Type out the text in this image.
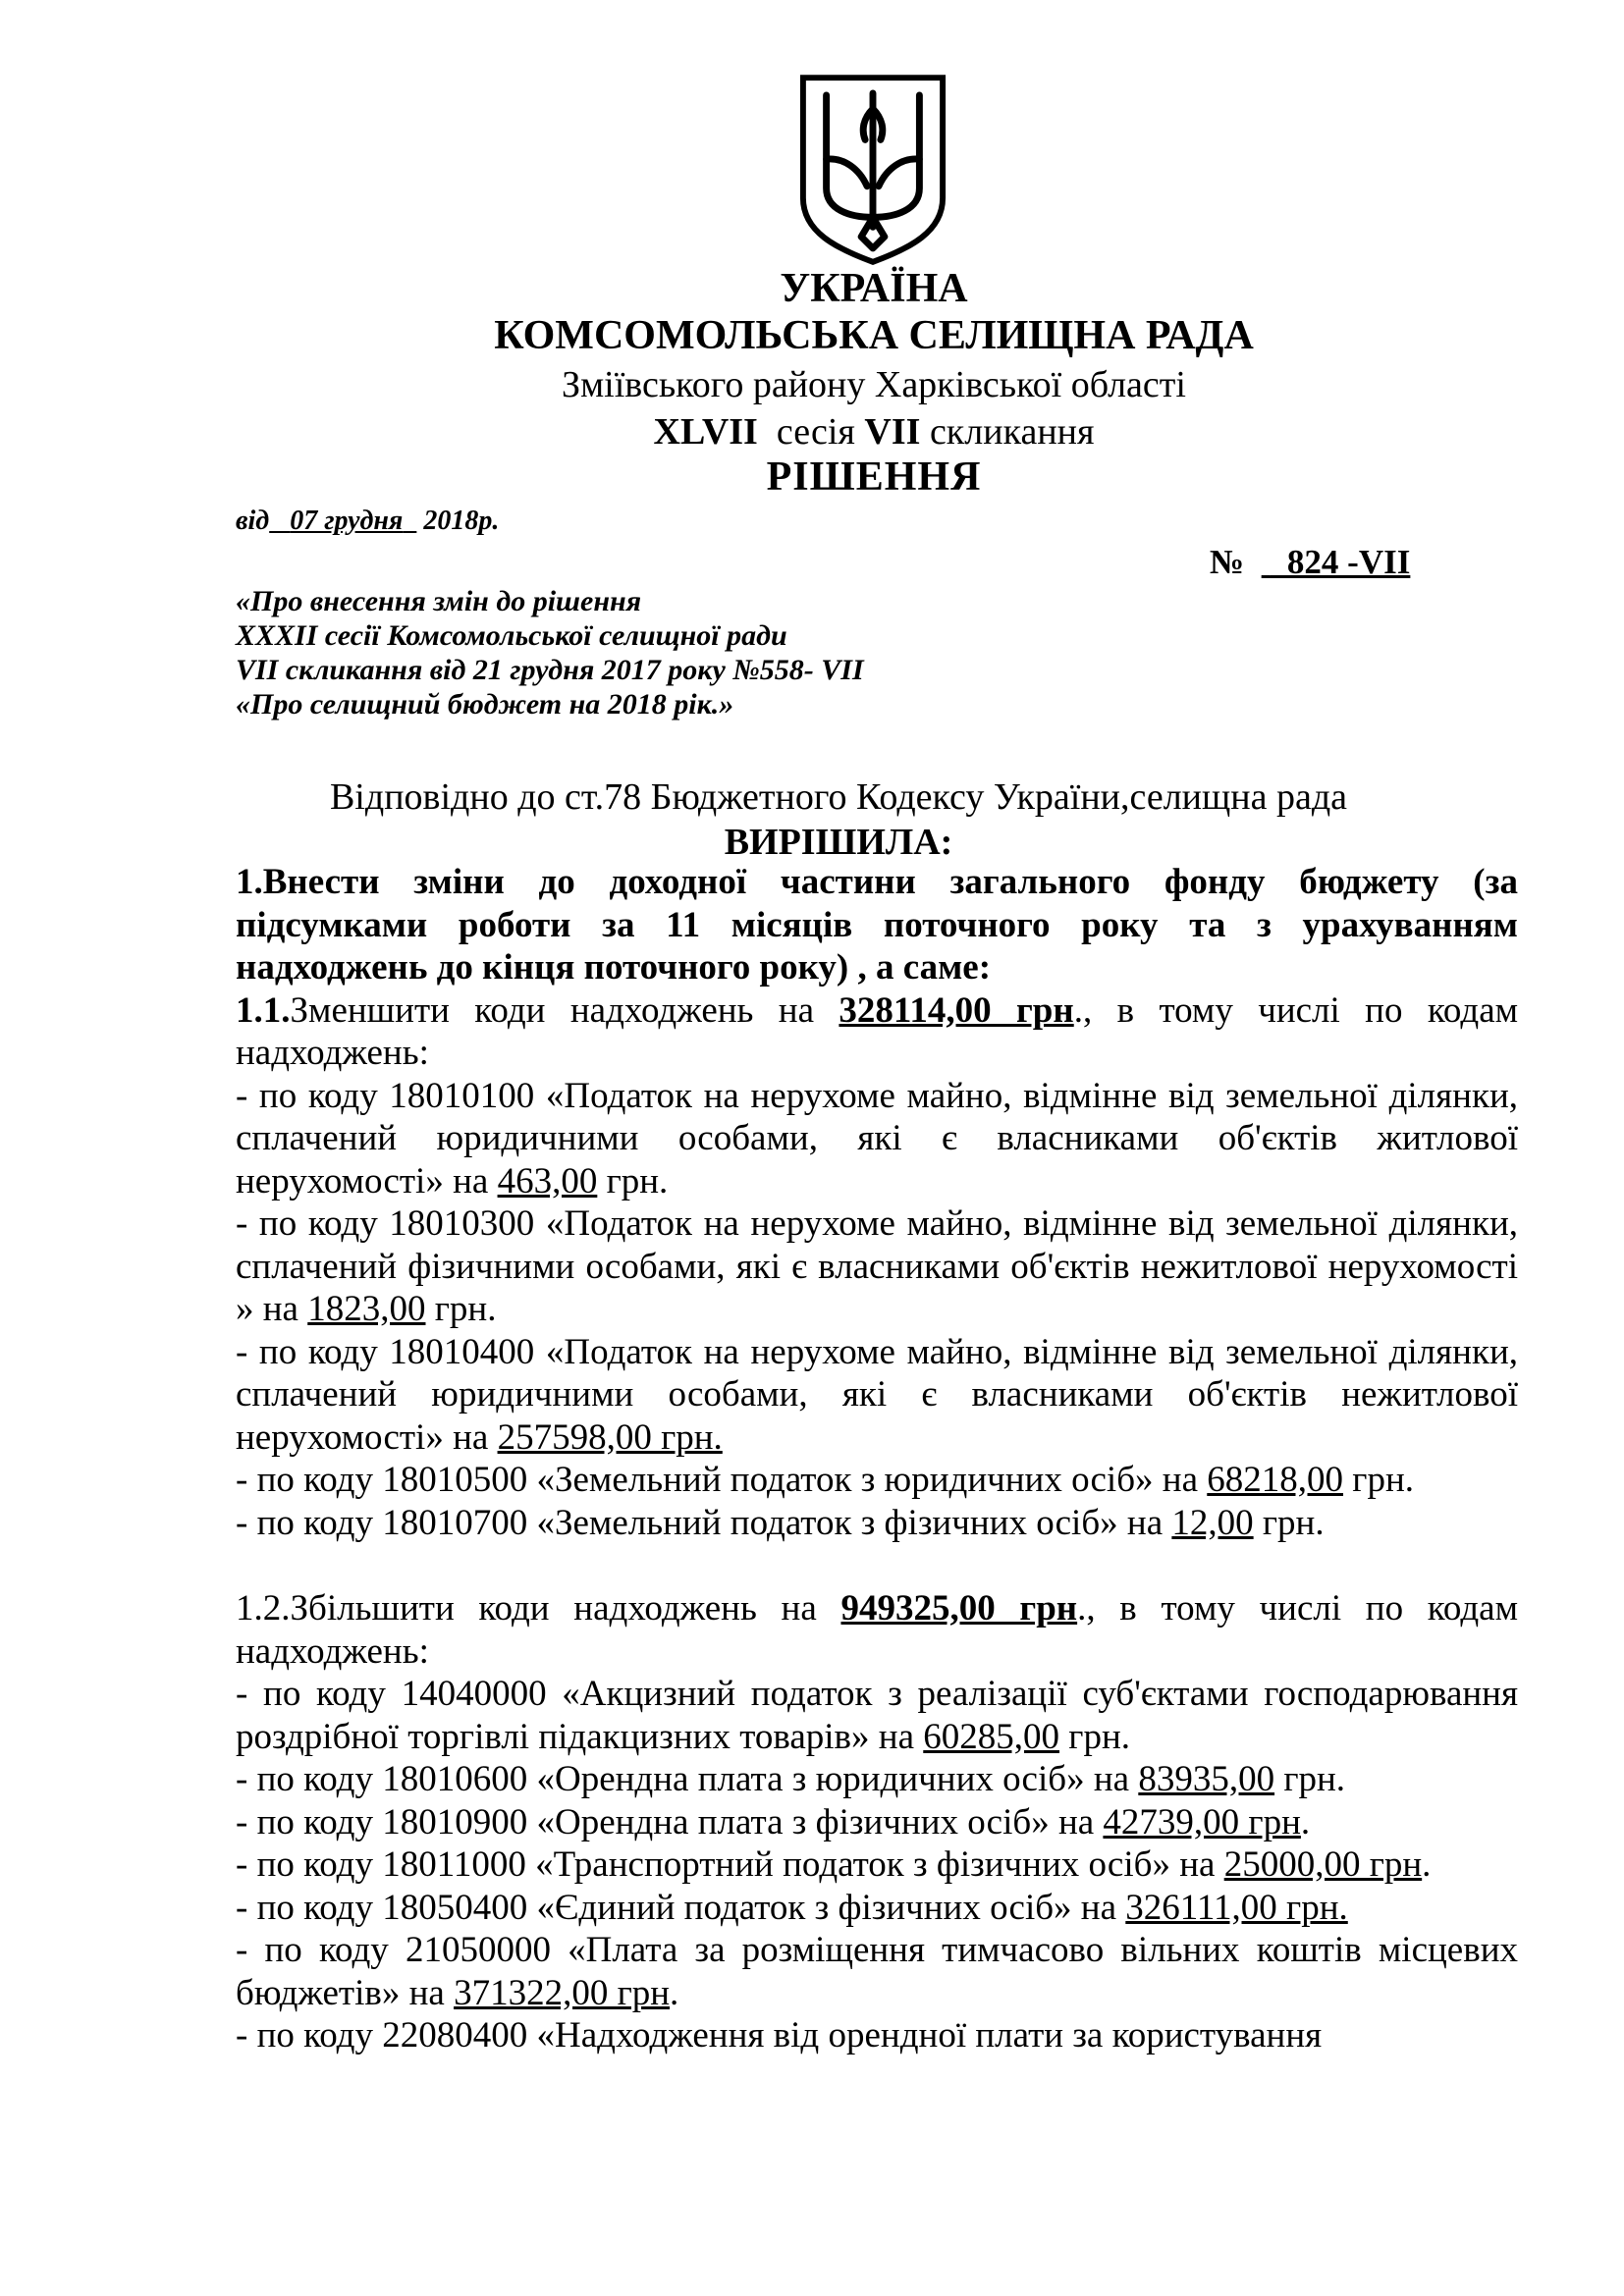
УКРАЇНА
КОМСОМОЛЬСЬКА СЕЛИЩНА РАДА
Зміївського району Харківської області
XLVII сесія VII скликання
РІШЕННЯ
від 07 грудня 2018р.
№ _824 -VII
«Про внесення змін до рішення
XXXII сесії Комсомольської селищної ради
VII скликання від 21 грудня 2017 року №558- VII
«Про селищний бюджет на 2018 рік.»
Відповідно до ст.78 Бюджетного Кодексу України,селищна рада
ВИРІШИЛА:

1.Внести зміни до доходної частини загального фонду бюджету (за підсумками роботи за 11 місяців поточного року та з урахуванням надходжень до кінця поточного року) , а саме:

1.1.Зменшити коди надходжень на 328114,00 грн., в тому числі по кодам надходжень:

- по коду 18010100 «Податок на нерухоме майно, відмінне від земельної ділянки, сплачений юридичними особами, які є власниками об'єктів житлової нерухомості» на 463,00 грн.

- по коду 18010300 «Податок на нерухоме майно, відмінне від земельної ділянки, сплачений фізичними особами, які є власниками об'єктів нежитлової нерухомості » на 1823,00 грн.

- по коду 18010400 «Податок на нерухоме майно, відмінне від земельної ділянки, сплачений юридичними особами, які є власниками об'єктів нежитлової нерухомості» на 257598,00 грн.

- по коду 18010500 «Земельний податок з юридичних осіб» на 68218,00 грн.

- по коду 18010700 «Земельний податок з фізичних осіб» на 12,00 грн.

1.2.Збільшити коди надходжень на 949325,00 грн., в тому числі по кодам надходжень:

- по коду 14040000 «Акцизний податок з реалізації суб'єктами господарювання роздрібної торгівлі підакцизних товарів» на 60285,00 грн.

- по коду 18010600 «Орендна плата з юридичних осіб» на 83935,00 грн.

- по коду 18010900 «Орендна плата з фізичних осіб» на 42739,00 грн.

- по коду 18011000 «Транспортний податок з фізичних осіб» на 25000,00 грн.

- по коду 18050400 «Єдиний податок з фізичних осіб» на 326111,00 грн.

- по коду 21050000 «Плата за розміщення тимчасово вільних коштів місцевих бюджетів» на 371322,00 грн.

- по коду 22080400 «Надходження від орендної плати за користування
